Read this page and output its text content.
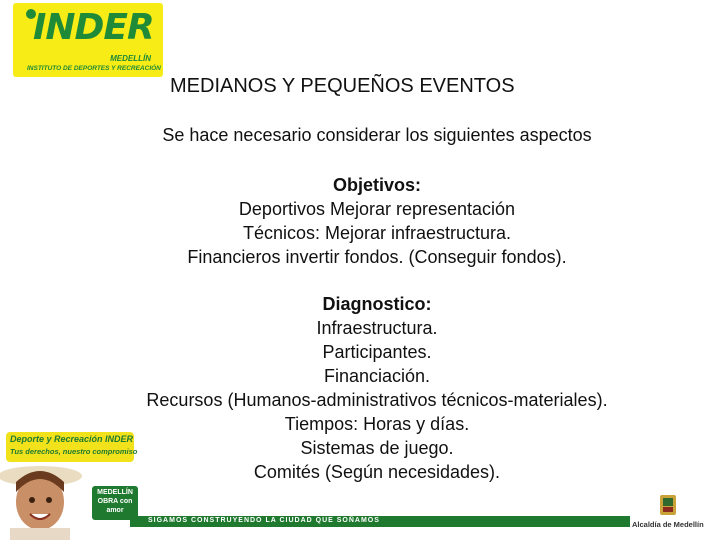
INDER
MEDELLÍN
INSTITUTO DE DEPORTES Y RECREACIÓN
MEDIANOS Y PEQUEÑOS EVENTOS
Se hace necesario considerar los siguientes aspectos
Objetivos:
Deportivos Mejorar representación
Técnicos: Mejorar infraestructura.
Financieros invertir fondos. (Conseguir fondos).
Diagnostico:
Infraestructura.
Participantes.
Financiación.
Recursos (Humanos-administrativos técnicos-materiales).
Tiempos: Horas y días.
Sistemas de juego.
Comités (Según necesidades).
Deporte y Recreación INDER
Tus derechos, nuestro compromiso
MEDELLÍN OBRA con amor
SIGAMOS CONSTRUYENDO LA CIUDAD QUE SOÑAMOS	Alcaldía de Medellín
